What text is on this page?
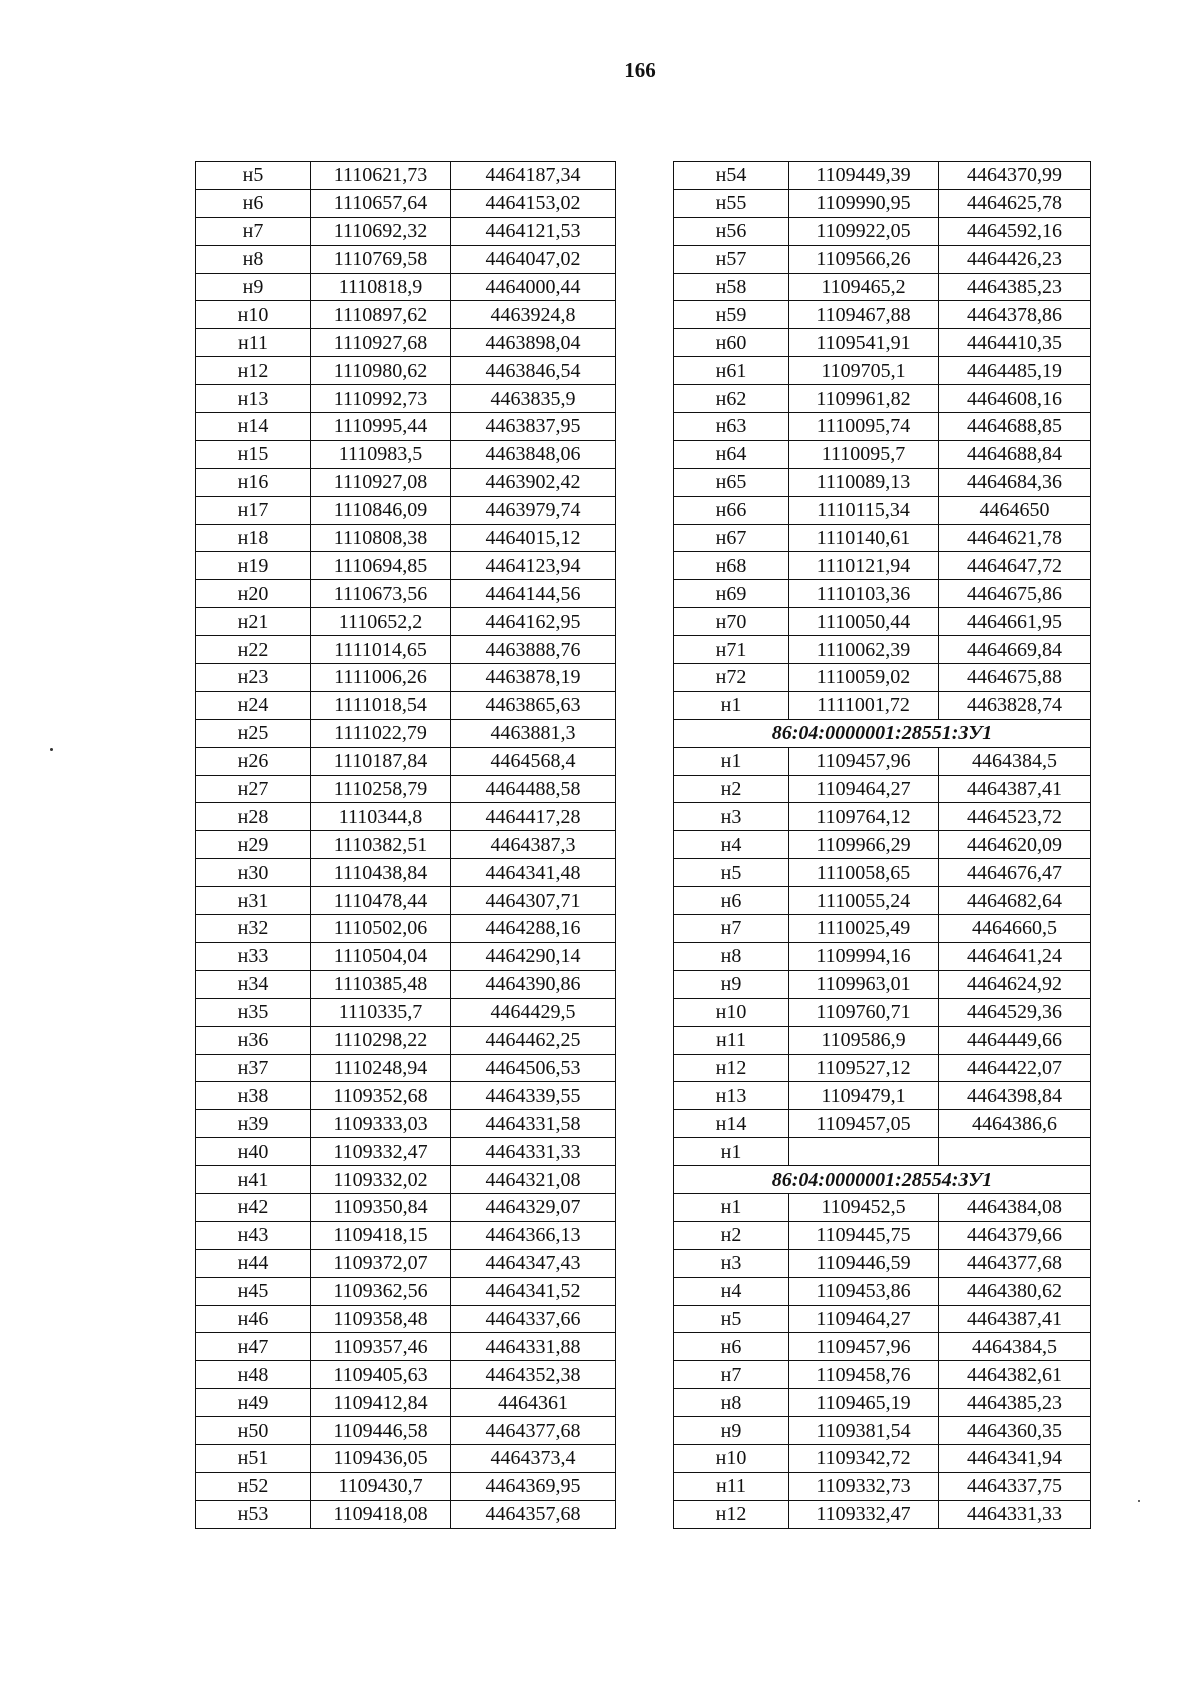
166
н5	1110621,73	4464187,34
н6	1110657,64	4464153,02
н7	1110692,32	4464121,53
н8	1110769,58	4464047,02
н9	1110818,9	4464000,44
н10	1110897,62	4463924,8
н11	1110927,68	4463898,04
н12	1110980,62	4463846,54
н13	1110992,73	4463835,9
н14	1110995,44	4463837,95
н15	1110983,5	4463848,06
н16	1110927,08	4463902,42
н17	1110846,09	4463979,74
н18	1110808,38	4464015,12
н19	1110694,85	4464123,94
н20	1110673,56	4464144,56
н21	1110652,2	4464162,95
н22	1111014,65	4463888,76
н23	1111006,26	4463878,19
н24	1111018,54	4463865,63
н25	1111022,79	4463881,3
н26	1110187,84	4464568,4
н27	1110258,79	4464488,58
н28	1110344,8	4464417,28
н29	1110382,51	4464387,3
н30	1110438,84	4464341,48
н31	1110478,44	4464307,71
н32	1110502,06	4464288,16
н33	1110504,04	4464290,14
н34	1110385,48	4464390,86
н35	1110335,7	4464429,5
н36	1110298,22	4464462,25
н37	1110248,94	4464506,53
н38	1109352,68	4464339,55
н39	1109333,03	4464331,58
н40	1109332,47	4464331,33
н41	1109332,02	4464321,08
н42	1109350,84	4464329,07
н43	1109418,15	4464366,13
н44	1109372,07	4464347,43
н45	1109362,56	4464341,52
н46	1109358,48	4464337,66
н47	1109357,46	4464331,88
н48	1109405,63	4464352,38
н49	1109412,84	4464361
н50	1109446,58	4464377,68
н51	1109436,05	4464373,4
н52	1109430,7	4464369,95
н53	1109418,08	4464357,68
н54	1109449,39	4464370,99
н55	1109990,95	4464625,78
н56	1109922,05	4464592,16
н57	1109566,26	4464426,23
н58	1109465,2	4464385,23
н59	1109467,88	4464378,86
н60	1109541,91	4464410,35
н61	1109705,1	4464485,19
н62	1109961,82	4464608,16
н63	1110095,74	4464688,85
н64	1110095,7	4464688,84
н65	1110089,13	4464684,36
н66	1110115,34	4464650
н67	1110140,61	4464621,78
н68	1110121,94	4464647,72
н69	1110103,36	4464675,86
н70	1110050,44	4464661,95
н71	1110062,39	4464669,84
н72	1110059,02	4464675,88
н1	1111001,72	4463828,74
86:04:0000001:28551:ЗУ1		
н1	1109457,96	4464384,5
н2	1109464,27	4464387,41
н3	1109764,12	4464523,72
н4	1109966,29	4464620,09
н5	1110058,65	4464676,47
н6	1110055,24	4464682,64
н7	1110025,49	4464660,5
н8	1109994,16	4464641,24
н9	1109963,01	4464624,92
н10	1109760,71	4464529,36
н11	1109586,9	4464449,66
н12	1109527,12	4464422,07
н13	1109479,1	4464398,84
н14	1109457,05	4464386,6
н1		
86:04:0000001:28554:ЗУ1		
н1	1109452,5	4464384,08
н2	1109445,75	4464379,66
н3	1109446,59	4464377,68
н4	1109453,86	4464380,62
н5	1109464,27	4464387,41
н6	1109457,96	4464384,5
н7	1109458,76	4464382,61
н8	1109465,19	4464385,23
н9	1109381,54	4464360,35
н10	1109342,72	4464341,94
н11	1109332,73	4464337,75
н12	1109332,47	4464331,33
